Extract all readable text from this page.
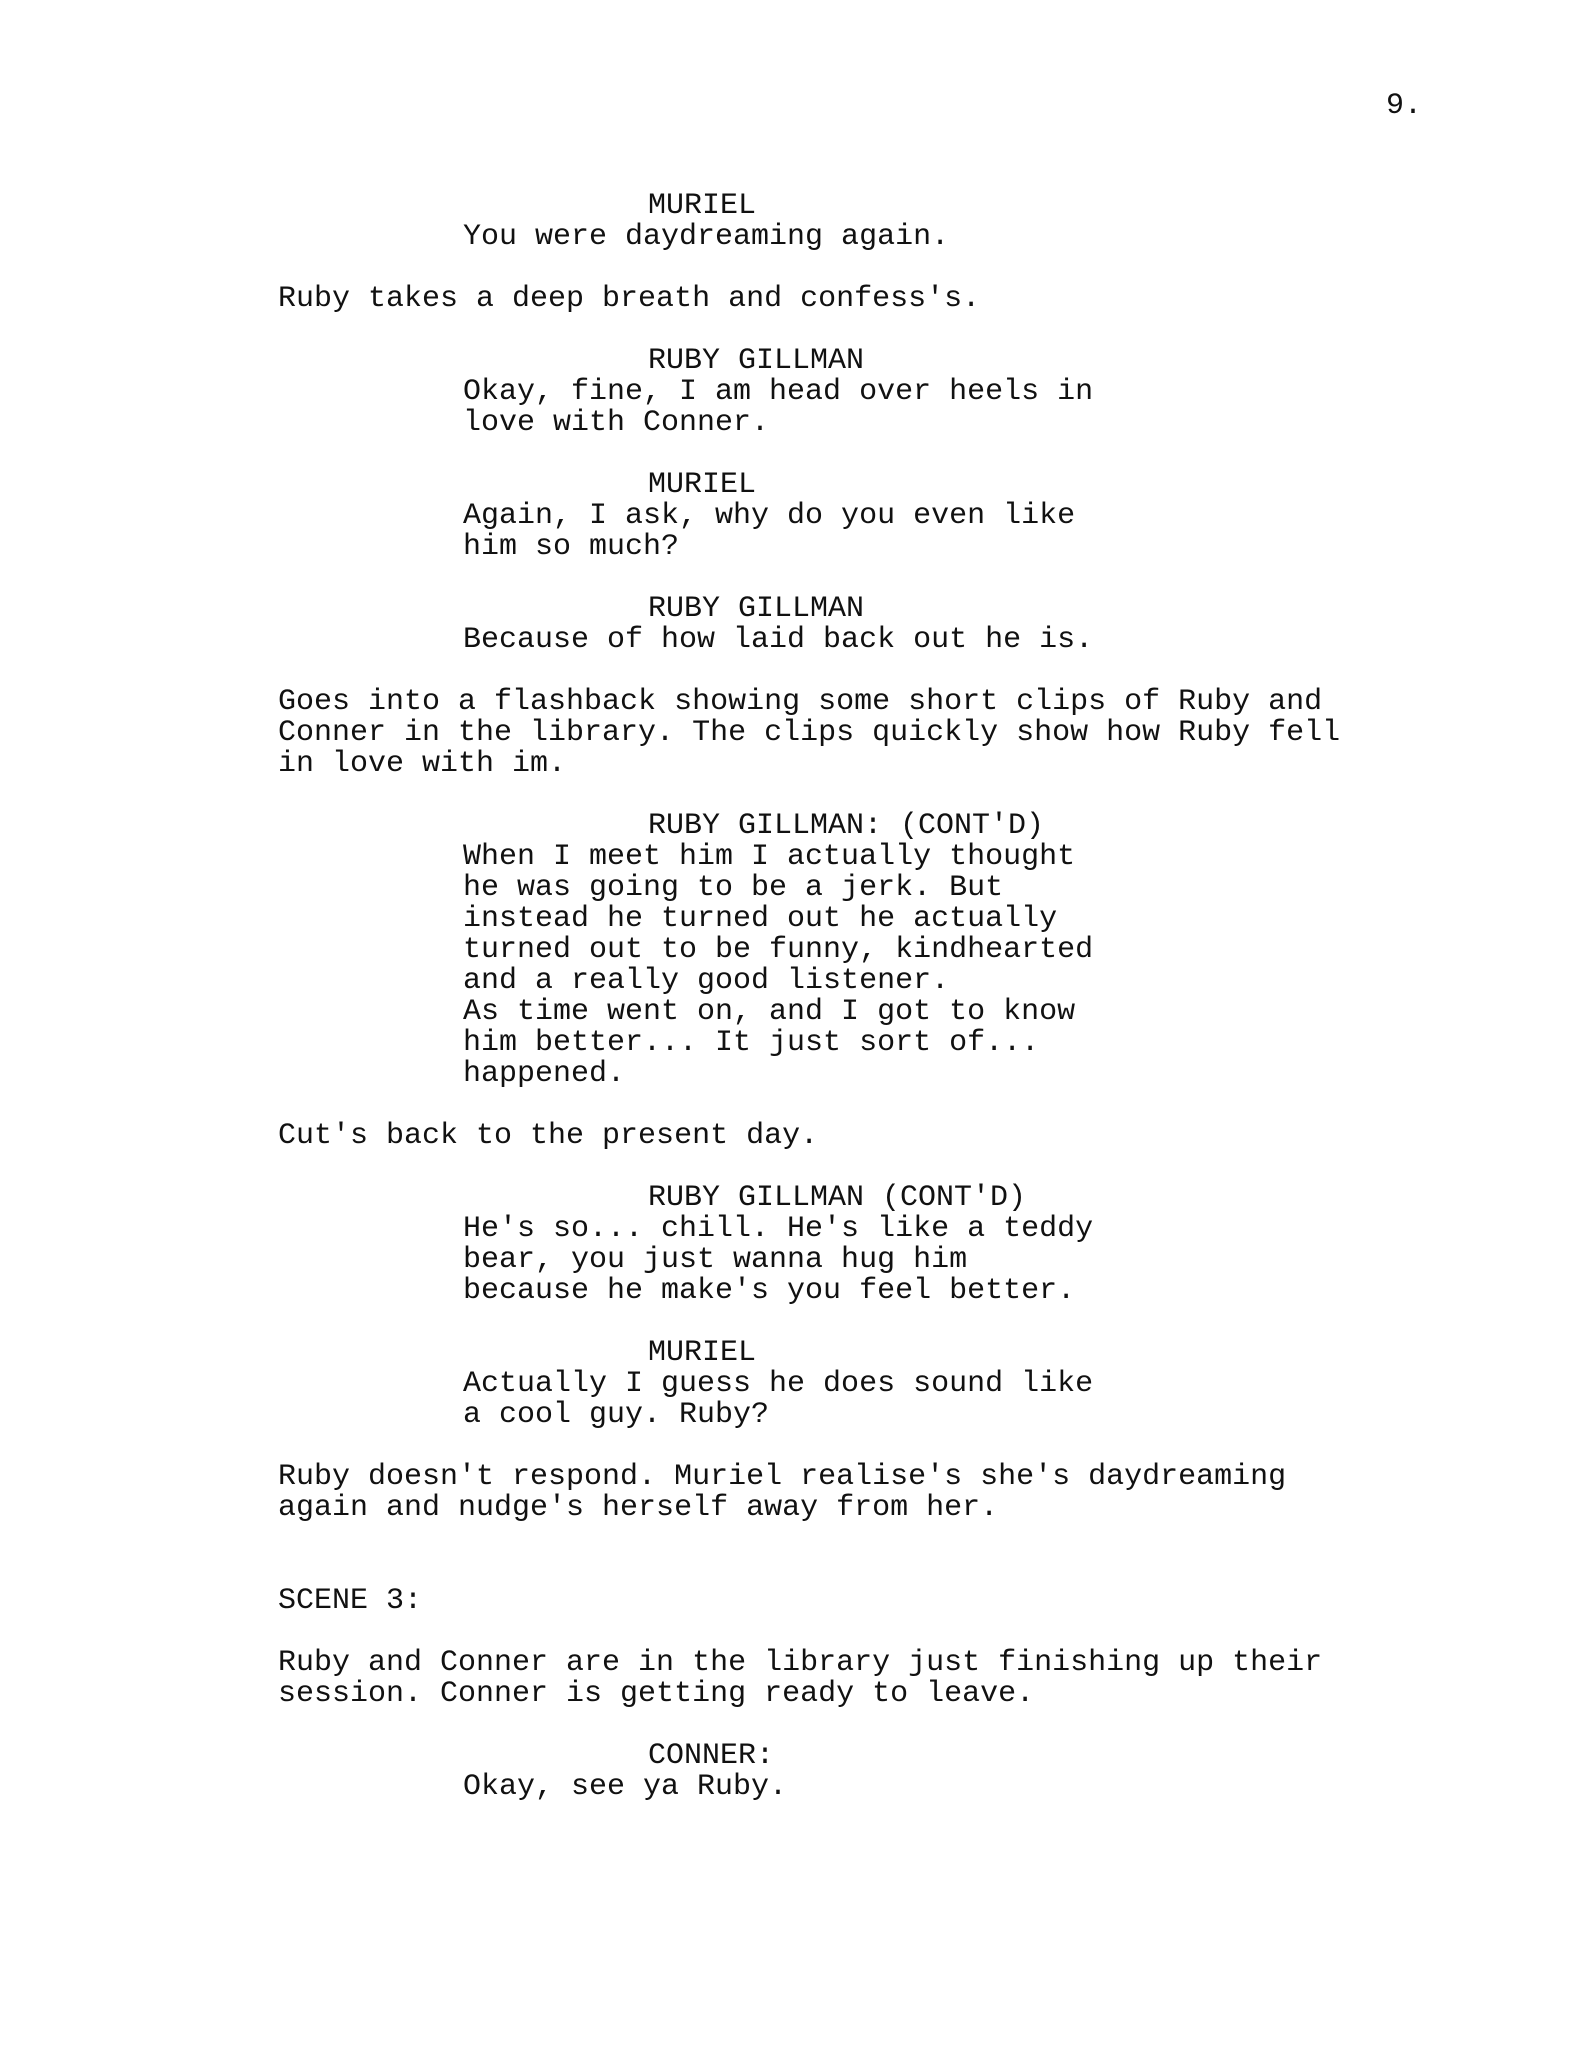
9.
MURIEL
You were daydreaming again.
Ruby takes a deep breath and confess's.
RUBY GILLMAN
Okay, fine, I am head over heels in
love with Conner.
MURIEL
Again, I ask, why do you even like
him so much?
RUBY GILLMAN
Because of how laid back out he is.
Goes into a flashback showing some short clips of Ruby and
Conner in the library. The clips quickly show how Ruby fell
in love with im.
RUBY GILLMAN: (CONT'D)
When I meet him I actually thought
he was going to be a jerk. But
instead he turned out he actually
turned out to be funny, kindhearted
and a really good listener.
As time went on, and I got to know
him better... It just sort of...
happened.
Cut's back to the present day.
RUBY GILLMAN (CONT'D)
He's so... chill. He's like a teddy
bear, you just wanna hug him
because he make's you feel better.
MURIEL
Actually I guess he does sound like
a cool guy. Ruby?
Ruby doesn't respond. Muriel realise's she's daydreaming
again and nudge's herself away from her.
SCENE 3:
Ruby and Conner are in the library just finishing up their
session. Conner is getting ready to leave.
CONNER:
Okay, see ya Ruby.
